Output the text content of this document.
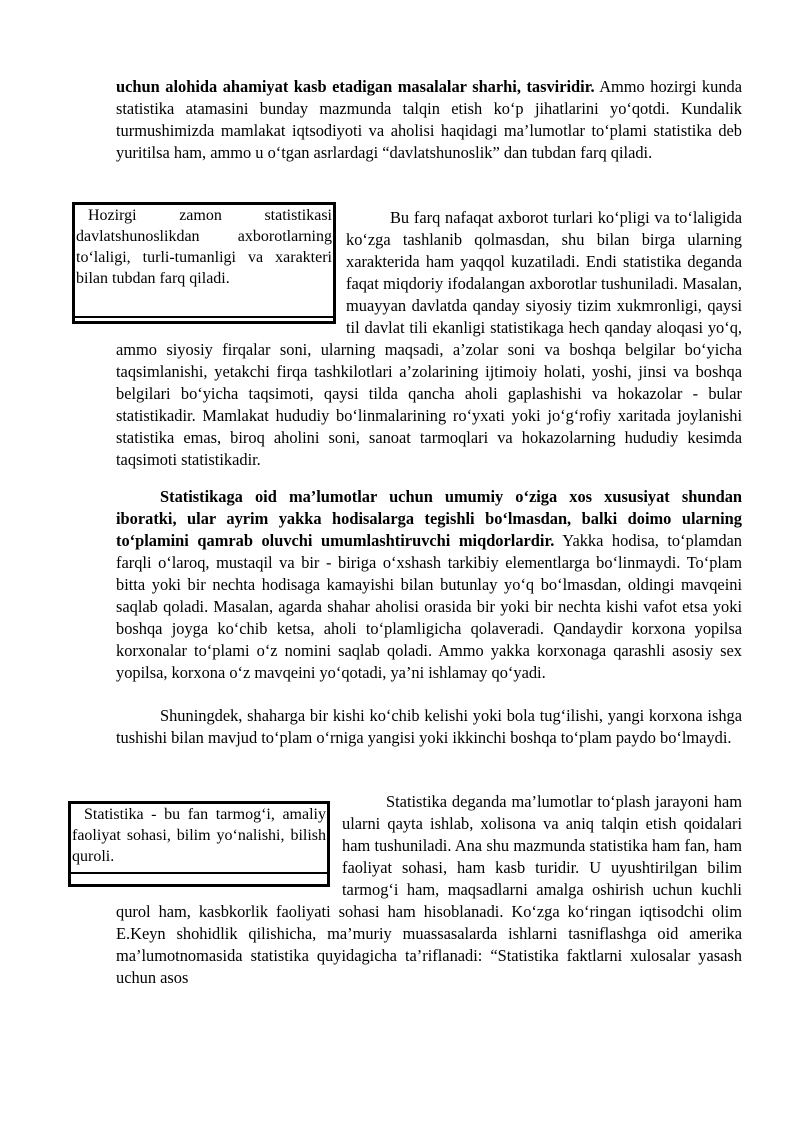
uchun alohida ahamiyat kasb etadigan masalalar sharhi, tasviridir. Ammo hozirgi kunda statistika atamasini bunday mazmunda talqin etish ko‘p jihatlarini yo‘qotdi. Kundalik turmushimizda mamlakat iqtsodiyoti va aholisi haqidagi ma’lumotlar to‘plami statistika deb yuritilsa ham, ammo u o‘tgan asrlardagi “davlatshunoslik” dan tubdan farq qiladi.

Bu farq nafaqat axborot turlari ko‘pligi va to‘laligida ko‘zga tashlanib qolmasdan, shu bilan birga ularning xarakterida ham yaqqol kuzatiladi. Endi statistika deganda faqat miqdoriy ifodalangan axborotlar tushuniladi. Masalan, muayyan davlatda qanday siyosiy tizim xukmronligi, qaysi til davlat tili ekanligi statistikaga hech qanday aloqasi yo‘q, ammo siyosiy firqalar soni, ularning maqsadi, a’zolar soni va boshqa belgilar bo‘yicha taqsimlanishi, yetakchi firqa tashkilotlari a’zolarining ijtimoiy holati, yoshi, jinsi va boshqa belgilari bo‘yicha taqsimoti, qaysi tilda qancha aholi gaplashishi va hokazolar - bular statistikadir. Mamlakat hududiy bo‘linmalarining ro‘yxati yoki jo‘g‘rofiy xaritada joylanishi statistika emas, biroq aholini soni, sanoat tarmoqlari va hokazolarning hududiy kesimda taqsimoti statistikadir.

Hozirgi zamon statistikasi davlatshunoslikdan axborotlarning to‘laligi, turli-tumanligi va xarakteri bilan tubdan farq qiladi.

Statistikaga oid ma’lumotlar uchun umumiy o‘ziga xos xususiyat shundan iboratki, ular ayrim yakka hodisalarga tegishli bo‘lmasdan, balki doimo ularning to‘plamini qamrab oluvchi umumlashtiruvchi miqdorlardir. Yakka hodisa, to‘plamdan farqli o‘laroq, mustaqil va bir - biriga o‘xshash tarkibiy elementlarga bo‘linmaydi. To‘plam bitta yoki bir nechta hodisaga kamayishi bilan butunlay yo‘q bo‘lmasdan, oldingi mavqeini saqlab qoladi. Masalan, agarda shahar aholisi orasida bir yoki bir nechta kishi vafot etsa yoki boshqa joyga ko‘chib ketsa, aholi to‘plamligicha qolaveradi. Qandaydir korxona yopilsa korxonalar to‘plami o‘z nomini saqlab qoladi. Ammo yakka korxonaga qarashli asosiy sex yopilsa, korxona o‘z mavqeini yo‘qotadi, ya’ni ishlamay qo‘yadi.

Shuningdek, shaharga bir kishi ko‘chib kelishi yoki bola tug‘ilishi, yangi korxona ishga tushishi bilan mavjud to‘plam o‘rniga yangisi yoki ikkinchi boshqa to‘plam paydo bo‘lmaydi.

Statistika deganda ma’lumotlar to‘plash jarayoni ham ularni qayta ishlab, xolisona va aniq talqin etish qoidalari ham tushuniladi. Ana shu mazmunda statistika ham fan, ham faoliyat sohasi, ham kasb turidir. U uyushtirilgan bilim tarmog‘i ham, maqsadlarni amalga oshirish uchun kuchli qurol ham, kasbkorlik faoliyati sohasi ham hisoblanadi. Ko‘zga ko‘ringan iqtisodchi olim E.Keyn shohidlik qilishicha, ma’muriy muassasalarda ishlarni tasniflashga oid amerika ma’lumotnomasida statistika quyidagicha ta’riflanadi: “Statistika faktlarni xulosalar yasash uchun asos

Statistika - bu fan tarmog‘i, amaliy faoliyat sohasi, bilim yo‘nalishi, bilish quroli.
